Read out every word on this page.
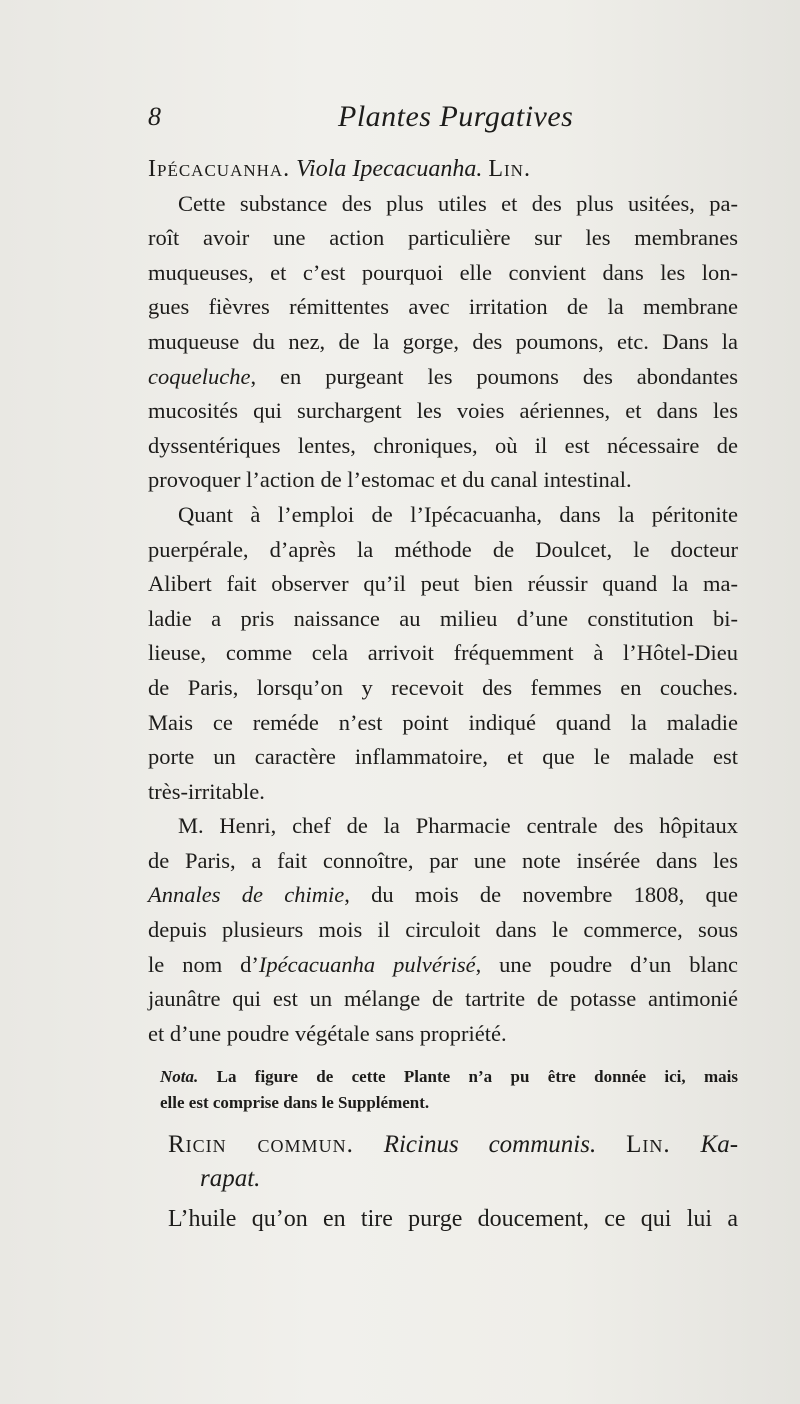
8	Plantes Purgatives
Ipécacuanha. Viola Ipecacuanha. Lin.
Cette substance des plus utiles et des plus usitées, pa-
roît avoir une action particulière sur les membranes
muqueuses, et c’est pourquoi elle convient dans les lon-
gues fièvres rémittentes avec irritation de la membrane
muqueuse du nez, de la gorge, des poumons, etc. Dans la
coqueluche, en purgeant les poumons des abondantes
mucosités qui surchargent les voies aériennes, et dans les
dyssentériques lentes, chroniques, où il est nécessaire de
provoquer l’action de l’estomac et du canal intestinal.
Quant à l’emploi de l’Ipécacuanha, dans la péritonite
puerpérale, d’après la méthode de Doulcet, le docteur
Alibert fait observer qu’il peut bien réussir quand la ma-
ladie a pris naissance au milieu d’une constitution bi-
lieuse, comme cela arrivoit fréquemment à l’Hôtel-Dieu
de Paris, lorsqu’on y recevoit des femmes en couches.
Mais ce reméde n’est point indiqué quand la maladie
porte un caractère inflammatoire, et que le malade est
très-irritable.
M. Henri, chef de la Pharmacie centrale des hôpitaux
de Paris, a fait connoître, par une note insérée dans les
Annales de chimie, du mois de novembre 1808, que
depuis plusieurs mois il circuloit dans le commerce, sous
le nom d’Ipécacuanha pulvérisé, une poudre d’un blanc
jaunâtre qui est un mélange de tartrite de potasse antimonié
et d’une poudre végétale sans propriété.
Nota. La figure de cette Plante n’a pu être donnée ici, mais
elle est comprise dans le Supplément.
Ricin commun. Ricinus communis. Lin. Ka-
rapat.
L’huile qu’on en tire purge doucement, ce qui lui a
